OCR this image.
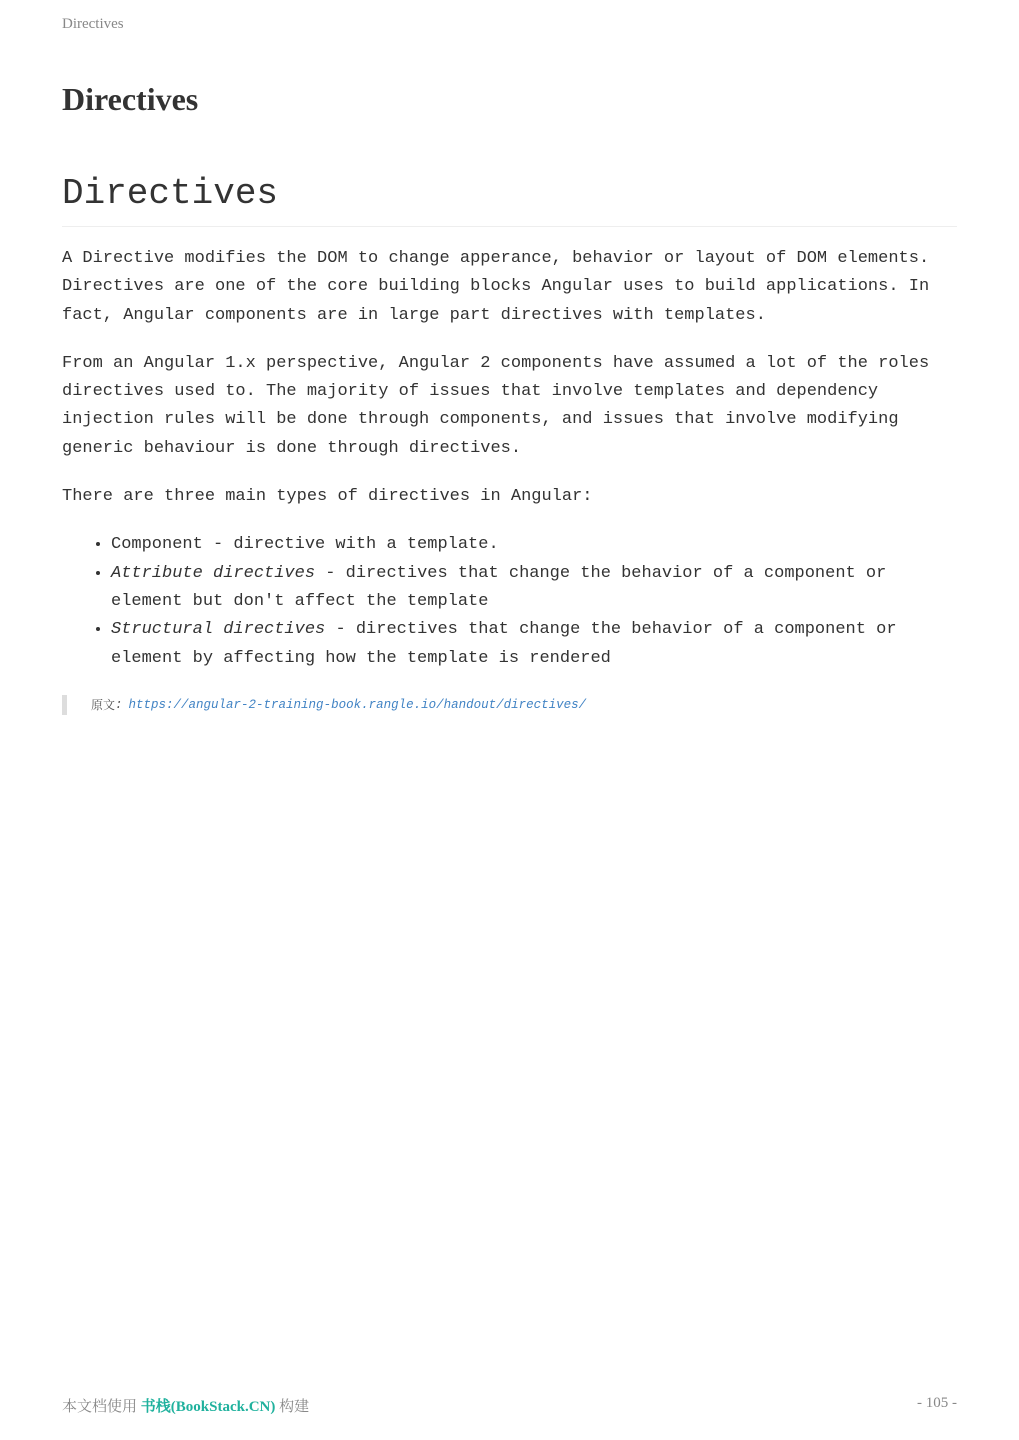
Directives
Directives
Directives

A Directive modifies the DOM to change apperance, behavior or layout of DOM elements. Directives are one of the core building blocks Angular uses to build applications. In fact, Angular components are in large part directives with templates.

From an Angular 1.x perspective, Angular 2 components have assumed a lot of the roles directives used to. The majority of issues that involve templates and dependency injection rules will be done through components, and issues that involve modifying generic behaviour is done through directives.

There are three main types of directives in Angular:

• Component - directive with a template.
• Attribute directives - directives that change the behavior of a component or element but don't affect the template
• Structural directives - directives that change the behavior of a component or element by affecting how the template is rendered
原文 : https://angular-2-training-book.rangle.io/handout/directives/
本文档使用 书栈(BookStack.CN) 构建	- 105 -
